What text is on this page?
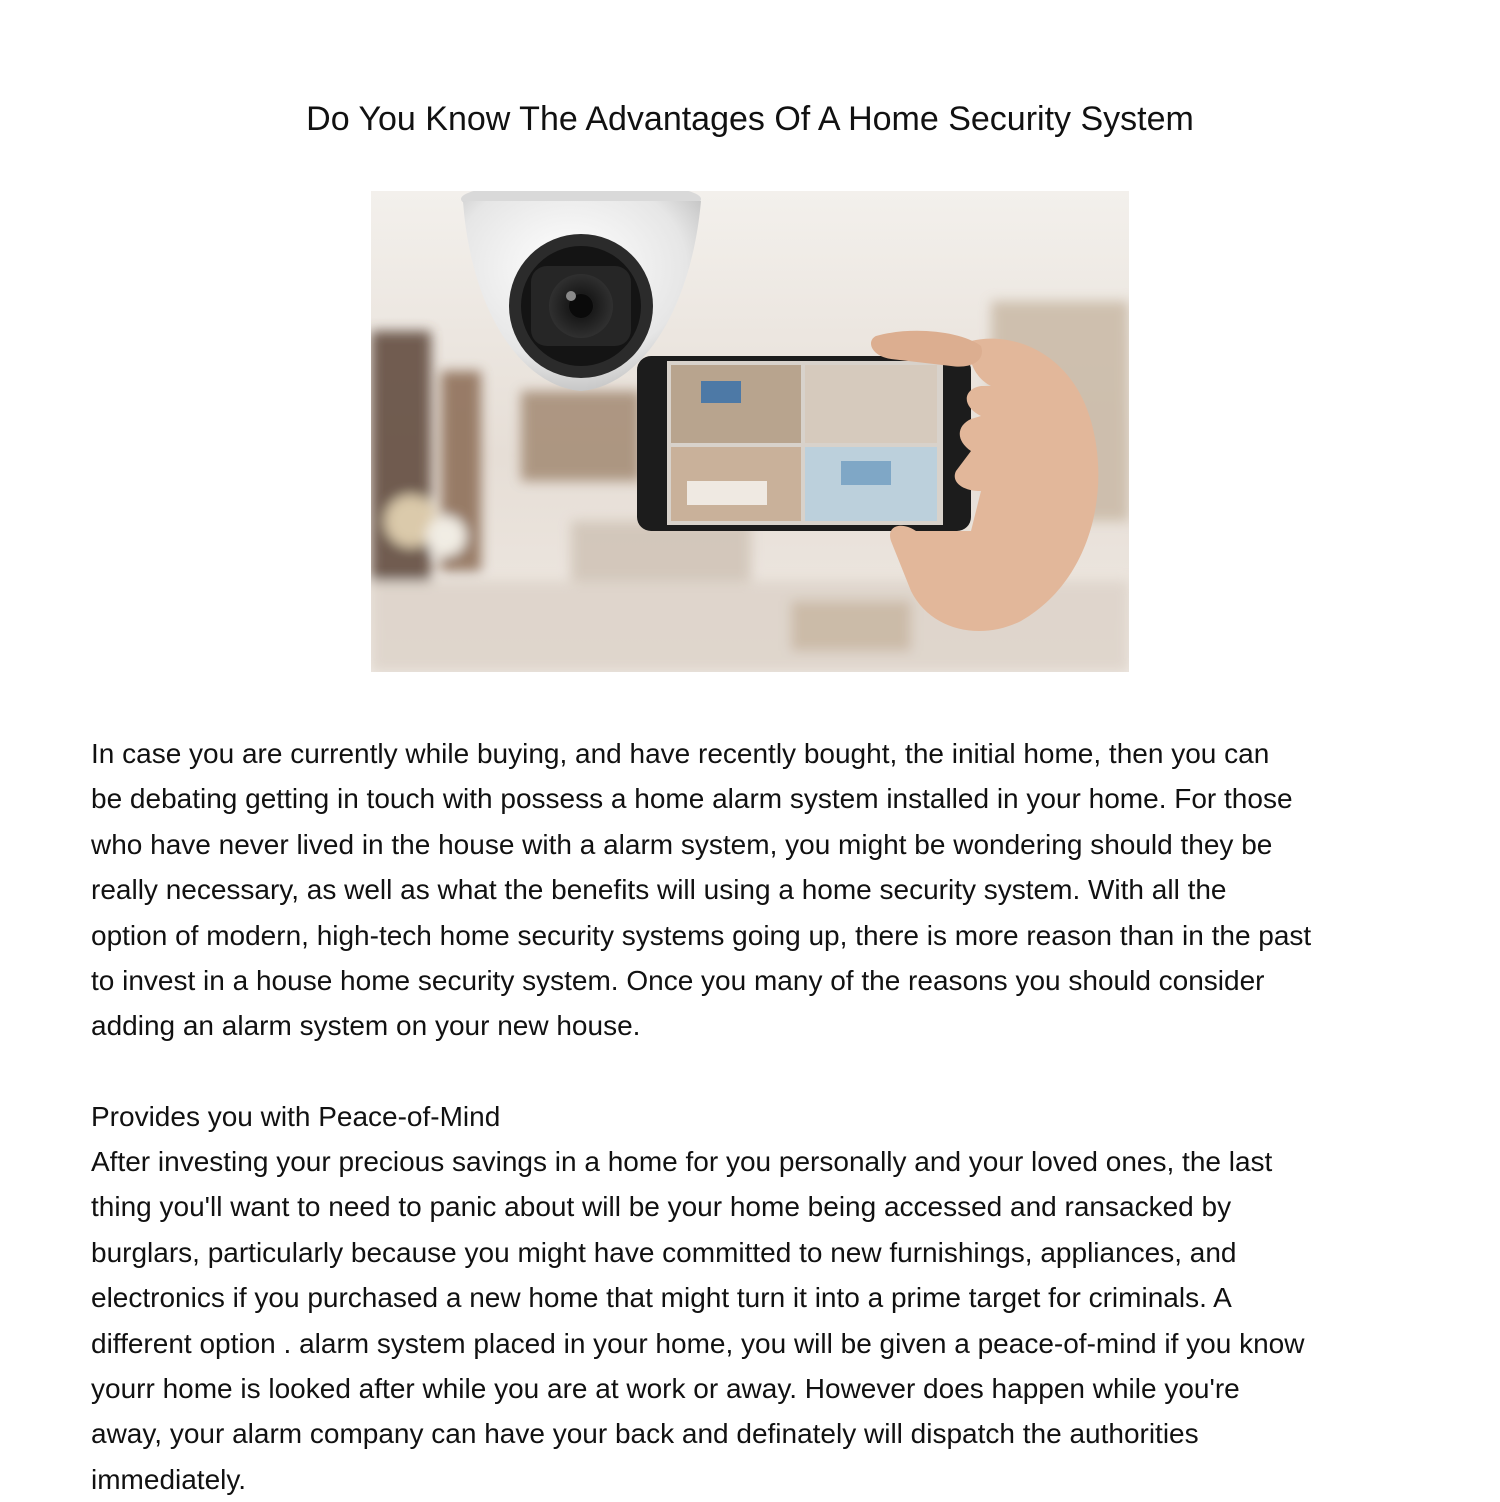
Do You Know The Advantages Of A Home Security System

In case you are currently while buying, and have recently bought, the initial home, then you can
be debating getting in touch with possess a home alarm system installed in your home. For those
who have never lived in the house with a alarm system, you might be wondering should they be
really necessary, as well as what the benefits will using a home security system. With all the
option of modern, high-tech home security systems going up, there is more reason than in the past
to invest in a house home security system. Once you many of the reasons you should consider
adding an alarm system on your new house.

Provides you with Peace-of-Mind

After investing your precious savings in a home for you personally and your loved ones, the last
thing you'll want to need to panic about will be your home being accessed and ransacked by
burglars, particularly because you might have committed to new furnishings, appliances, and
electronics if you purchased a new home that might turn it into a prime target for criminals. A
different option . alarm system placed in your home, you will be given a peace-of-mind if you know
yourr home is looked after while you are at work or away. However does happen while you're
away, your alarm company can have your back and definately will dispatch the authorities
immediately.
